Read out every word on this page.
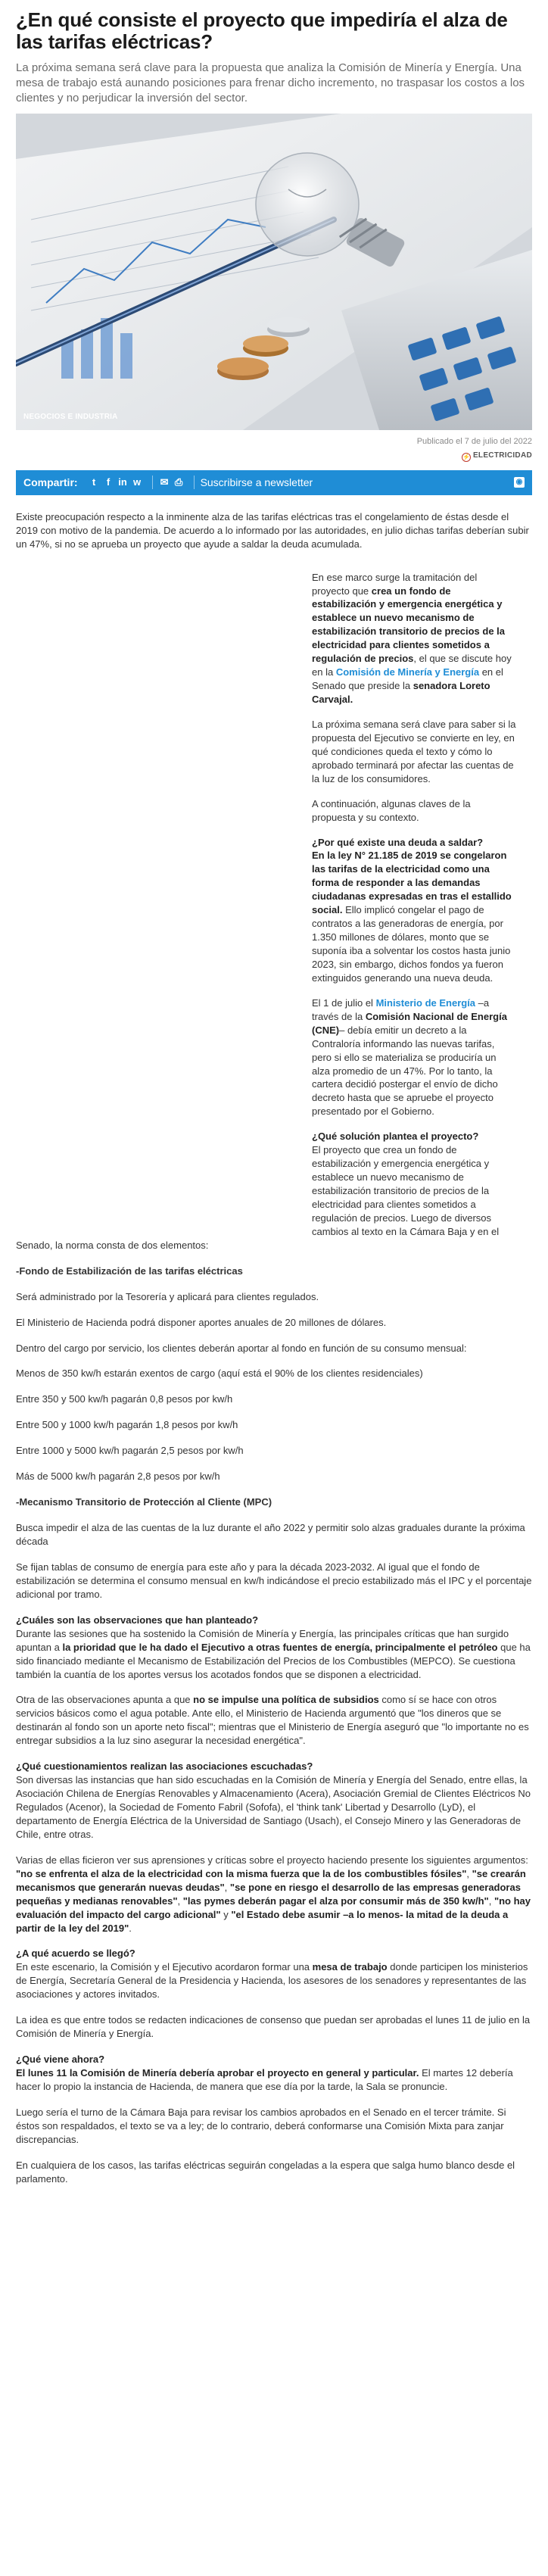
¿En qué consiste el proyecto que impediría el alza de las tarifas eléctricas?

La próxima semana será clave para la propuesta que analiza la Comisión de Minería y Energía. Una mesa de trabajo está aunando posiciones para frenar dicho incremento, no traspasar los costos a los clientes y no perjudicar la inversión del sector.

NEGOCIOS E INDUSTRIA
Publicado el 7 de julio del 2022
⚡ ELECTRICIDAD
Compartir:	t	f in w ✉ ⎙ Suscribirse a newsletter	◉

Existe preocupación respecto a la inminente alza de las tarifas eléctricas tras el congelamiento de éstas desde el 2019 con motivo de la pandemia. De acuerdo a lo informado por las autoridades, en julio dichas tarifas deberían subir un 47%, si no se aprueba un proyecto que ayude a saldar la deuda acumulada.

En ese marco surge la tramitación del proyecto que crea un fondo de estabilización y emergencia energética y establece un nuevo mecanismo de estabilización transitorio de precios de la electricidad para clientes sometidos a regulación de precios, el que se discute hoy en la Comisión de Minería y Energía en el Senado que preside la senadora Loreto Carvajal.

La próxima semana será clave para saber si la propuesta del Ejecutivo se convierte en ley, en qué condiciones queda el texto y cómo lo aprobado terminará por afectar las cuentas de la luz de los consumidores.

A continuación, algunas claves de la propuesta y su contexto.

¿Por qué existe una deuda a saldar?
En la ley N° 21.185 de 2019 se congelaron las tarifas de la electricidad como una forma de responder a las demandas ciudadanas expresadas en tras el estallido social. Ello implicó congelar el pago de contratos a las generadoras de energía, por 1.350 millones de dólares, monto que se suponía iba a solventar los costos hasta junio 2023, sin embargo, dichos fondos ya fueron extinguidos generando una nueva deuda.

El 1 de julio el Ministerio de Energía –a través de la Comisión Nacional de Energía (CNE)– debía emitir un decreto a la Contraloría informando las nuevas tarifas, pero si ello se materializa se produciría un alza promedio de un 47%. Por lo tanto, la cartera decidió postergar el envío de dicho decreto hasta que se apruebe el proyecto presentado por el Gobierno.

¿Qué solución plantea el proyecto?
El proyecto que crea un fondo de estabilización y emergencia energética y establece un nuevo mecanismo de estabilización transitorio de precios de la electricidad para clientes sometidos a regulación de precios. Luego de diversos cambios al texto en la Cámara Baja y en el

Senado, la norma consta de dos elementos:

-Fondo de Estabilización de las tarifas eléctricas

Será administrado por la Tesorería y aplicará para clientes regulados.

El Ministerio de Hacienda podrá disponer aportes anuales de 20 millones de dólares.

Dentro del cargo por servicio, los clientes deberán aportar al fondo en función de su consumo mensual:

Menos de 350 kw/h estarán exentos de cargo (aquí está el 90% de los clientes residenciales)

Entre 350 y 500 kw/h pagarán 0,8 pesos por kw/h

Entre 500 y 1000 kw/h pagarán 1,8 pesos por kw/h

Entre 1000 y 5000 kw/h pagarán 2,5 pesos por kw/h

Más de 5000 kw/h pagarán 2,8 pesos por kw/h

-Mecanismo Transitorio de Protección al Cliente (MPC)

Busca impedir el alza de las cuentas de la luz durante el año 2022 y permitir solo alzas graduales durante la próxima década

Se fijan tablas de consumo de energía para este año y para la década 2023-2032. Al igual que el fondo de estabilización se determina el consumo mensual en kw/h indicándose el precio estabilizado más el IPC y el porcentaje adicional por tramo.

¿Cuáles son las observaciones que han planteado?
Durante las sesiones que ha sostenido la Comisión de Minería y Energía, las principales críticas que han surgido apuntan a la prioridad que le ha dado el Ejecutivo a otras fuentes de energía, principalmente el petróleo que ha sido financiado mediante el Mecanismo de Estabilización del Precios de los Combustibles (MEPCO). Se cuestiona también la cuantía de los aportes versus los acotados fondos que se disponen a electricidad.

Otra de las observaciones apunta a que no se impulse una política de subsidios como sí se hace con otros servicios básicos como el agua potable. Ante ello, el Ministerio de Hacienda argumentó que "los dineros que se destinarán al fondo son un aporte neto fiscal"; mientras que el Ministerio de Energía aseguró que "lo importante no es entregar subsidios a la luz sino asegurar la necesidad energética".

¿Qué cuestionamientos realizan las asociaciones escuchadas?
Son diversas las instancias que han sido escuchadas en la Comisión de Minería y Energía del Senado, entre ellas, la Asociación Chilena de Energías Renovables y Almacenamiento (Acera), Asociación Gremial de Clientes Eléctricos No Regulados (Acenor), la Sociedad de Fomento Fabril (Sofofa), el 'think tank' Libertad y Desarrollo (LyD), el departamento de Energía Eléctrica de la Universidad de Santiago (Usach), el Consejo Minero y las Generadoras de Chile, entre otras.

Varias de ellas ficieron ver sus aprensiones y críticas sobre el proyecto haciendo presente los siguientes argumentos: "no se enfrenta el alza de la electricidad con la misma fuerza que la de los combustibles fósiles", "se crearán mecanismos que generarán nuevas deudas", "se pone en riesgo el desarrollo de las empresas generadoras pequeñas y medianas renovables", "las pymes deberán pagar el alza por consumir más de 350 kw/h", "no hay evaluación del impacto del cargo adicional" y "el Estado debe asumir –a lo menos- la mitad de la deuda a partir de la ley del 2019".

¿A qué acuerdo se llegó?
En este escenario, la Comisión y el Ejecutivo acordaron formar una mesa de trabajo donde participen los ministerios de Energía, Secretaría General de la Presidencia y Hacienda, los asesores de los senadores y representantes de las asociaciones y actores invitados.

La idea es que entre todos se redacten indicaciones de consenso que puedan ser aprobadas el lunes 11 de julio en la Comisión de Minería y Energía.

¿Qué viene ahora?
El lunes 11 la Comisión de Minería debería aprobar el proyecto en general y particular. El martes 12 debería hacer lo propio la instancia de Hacienda, de manera que ese día por la tarde, la Sala se pronuncie.

Luego sería el turno de la Cámara Baja para revisar los cambios aprobados en el Senado en el tercer trámite. Si éstos son respaldados, el texto se va a ley; de lo contrario, deberá conformarse una Comisión Mixta para zanjar discrepancias.

En cualquiera de los casos, las tarifas eléctricas seguirán congeladas a la espera que salga humo blanco desde el parlamento.
